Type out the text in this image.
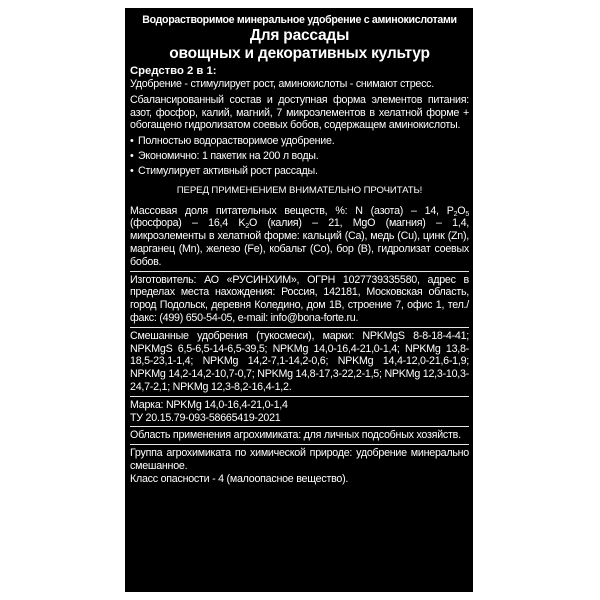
Водорастворимое минеральное удобрение с аминокислотами
Для рассады
овощных и декоративных культур
Средство 2 в 1:
Удобрение - стимулирует рост, аминокислоты - снимают стресс.
Сбалансированный состав и доступная форма элементов питания: азот, фосфор, калий, магний, 7 микроэлементов в хелатной форме + обогащено гидролизатом соевых бобов, содержащем аминокислоты.
• Полностью водорастворимое удобрение.
• Экономично: 1 пакетик на 200 л воды.
• Стимулирует активный рост рассады.
ПЕРЕД ПРИМЕНЕНИЕМ ВНИМАТЕЛЬНО ПРОЧИТАТЬ!
Массовая доля питательных веществ, %: N (азота) – 14, $P_2O_5$ (фосфора) – 16,4 $K_2O$ (калия) – 21, MgO (магния) – 1,4, микроэлементы в хелатной форме: кальций (Ca), медь (Cu), цинк (Zn), марганец (Mn), железо (Fe), кобальт (Co), бор (B), гидролизат соевых бобов.
Изготовитель: АО «РУСИНХИМ», ОГРН 1027739335580, адрес в пределах места нахождения: Россия, 142181, Московская область, город Подольск, деревня Коледино, дом 1В, строение 7, офис 1, тел./факс: (499) 650-54-05, e-mail: info@bona-forte.ru.
Смешанные удобрения (тукосмеси), марки: NPKMgS 8-8-18-4-41; NPKMgS 6,5-6,5-14-6,5-39,5; NPKMg 14,0-16,4-21,0-1,4; NPKMg 13,8-18,5-23,1-1,4; NPKMg 14,2-7,1-14,2-0,6; NPKMg 14,4-12,0-21,6-1,9; NPKMg 14,2-14,2-10,7-0,7; NPKMg 14,8-17,3-22,2-1,5; NPKMg 12,3-10,3-24,7-2,1; NPKMg 12,3-8,2-16,4-1,2.
Марка: NPKMg 14,0-16,4-21,0-1,4
ТУ 20.15.79-093-58665419-2021
Область применения агрохимиката: для личных подсобных хозяйств.
Группа агрохимиката по химической природе: удобрение минерально смешанное.
Класс опасности - 4 (малоопасное вещество).
